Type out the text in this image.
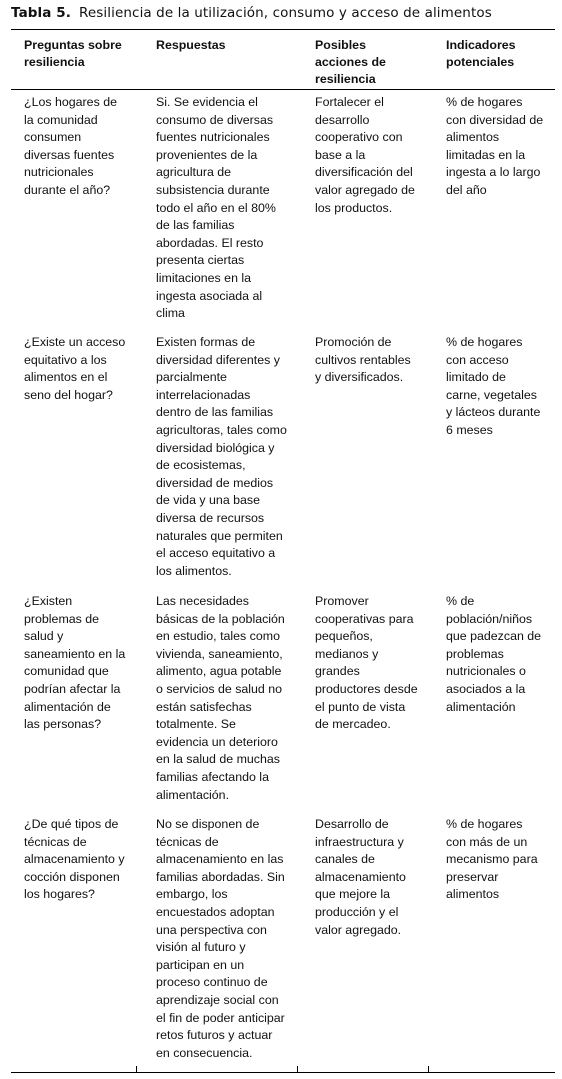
Tabla 5. Resiliencia de la utilización, consumo y acceso de alimentos
Preguntas sobre
resiliencia
Respuestas	Posibles
acciones de
resiliencia
Indicadores
potenciales
¿Los hogares de
la comunidad
consumen
diversas fuentes
nutricionales
durante el año?
Si. Se evidencia el
consumo de diversas
fuentes nutricionales
provenientes de la
agricultura de
subsistencia durante
todo el año en el 80%
de las familias
abordadas. El resto
presenta ciertas
limitaciones en la
ingesta asociada al
clima
Fortalecer el
desarrollo
cooperativo con
base a la
diversificación del
valor agregado de
los productos.
% de hogares
con diversidad de
alimentos
limitadas en la
ingesta a lo largo
del año
¿Existe un acceso
equitativo a los
alimentos en el
seno del hogar?
Existen formas de
diversidad diferentes y
parcialmente
interrelacionadas
dentro de las familias
agricultoras, tales como
diversidad biológica y
de ecosistemas,
diversidad de medios
de vida y una base
diversa de recursos
naturales que permiten
el acceso equitativo a
los alimentos.
Promoción de
cultivos rentables
y diversificados.
% de hogares
con acceso
limitado de
carne, vegetales
y lácteos durante
6 meses
¿Existen
problemas de
salud y
saneamiento en la
comunidad que
podrían afectar la
alimentación de
las personas?
Las necesidades
básicas de la población
en estudio, tales como
vivienda, saneamiento,
alimento, agua potable
o servicios de salud no
están satisfechas
totalmente. Se
evidencia un deterioro
en la salud de muchas
familias afectando la
alimentación.
Promover
cooperativas para
pequeños,
medianos y
grandes
productores desde
el punto de vista
de mercadeo.
% de
población/niños
que padezcan de
problemas
nutricionales o
asociados a la
alimentación
¿De qué tipos de
técnicas de
almacenamiento y
cocción disponen
los hogares?
No se disponen de
técnicas de
almacenamiento en las
familias abordadas. Sin
embargo, los
encuestados adoptan
una perspectiva con
visión al futuro y
participan en un
proceso continuo de
aprendizaje social con
el fin de poder anticipar
retos futuros y actuar
en consecuencia.
Desarrollo de
infraestructura y
canales de
almacenamiento
que mejore la
producción y el
valor agregado.
% de hogares
con más de un
mecanismo para
preservar
alimentos
